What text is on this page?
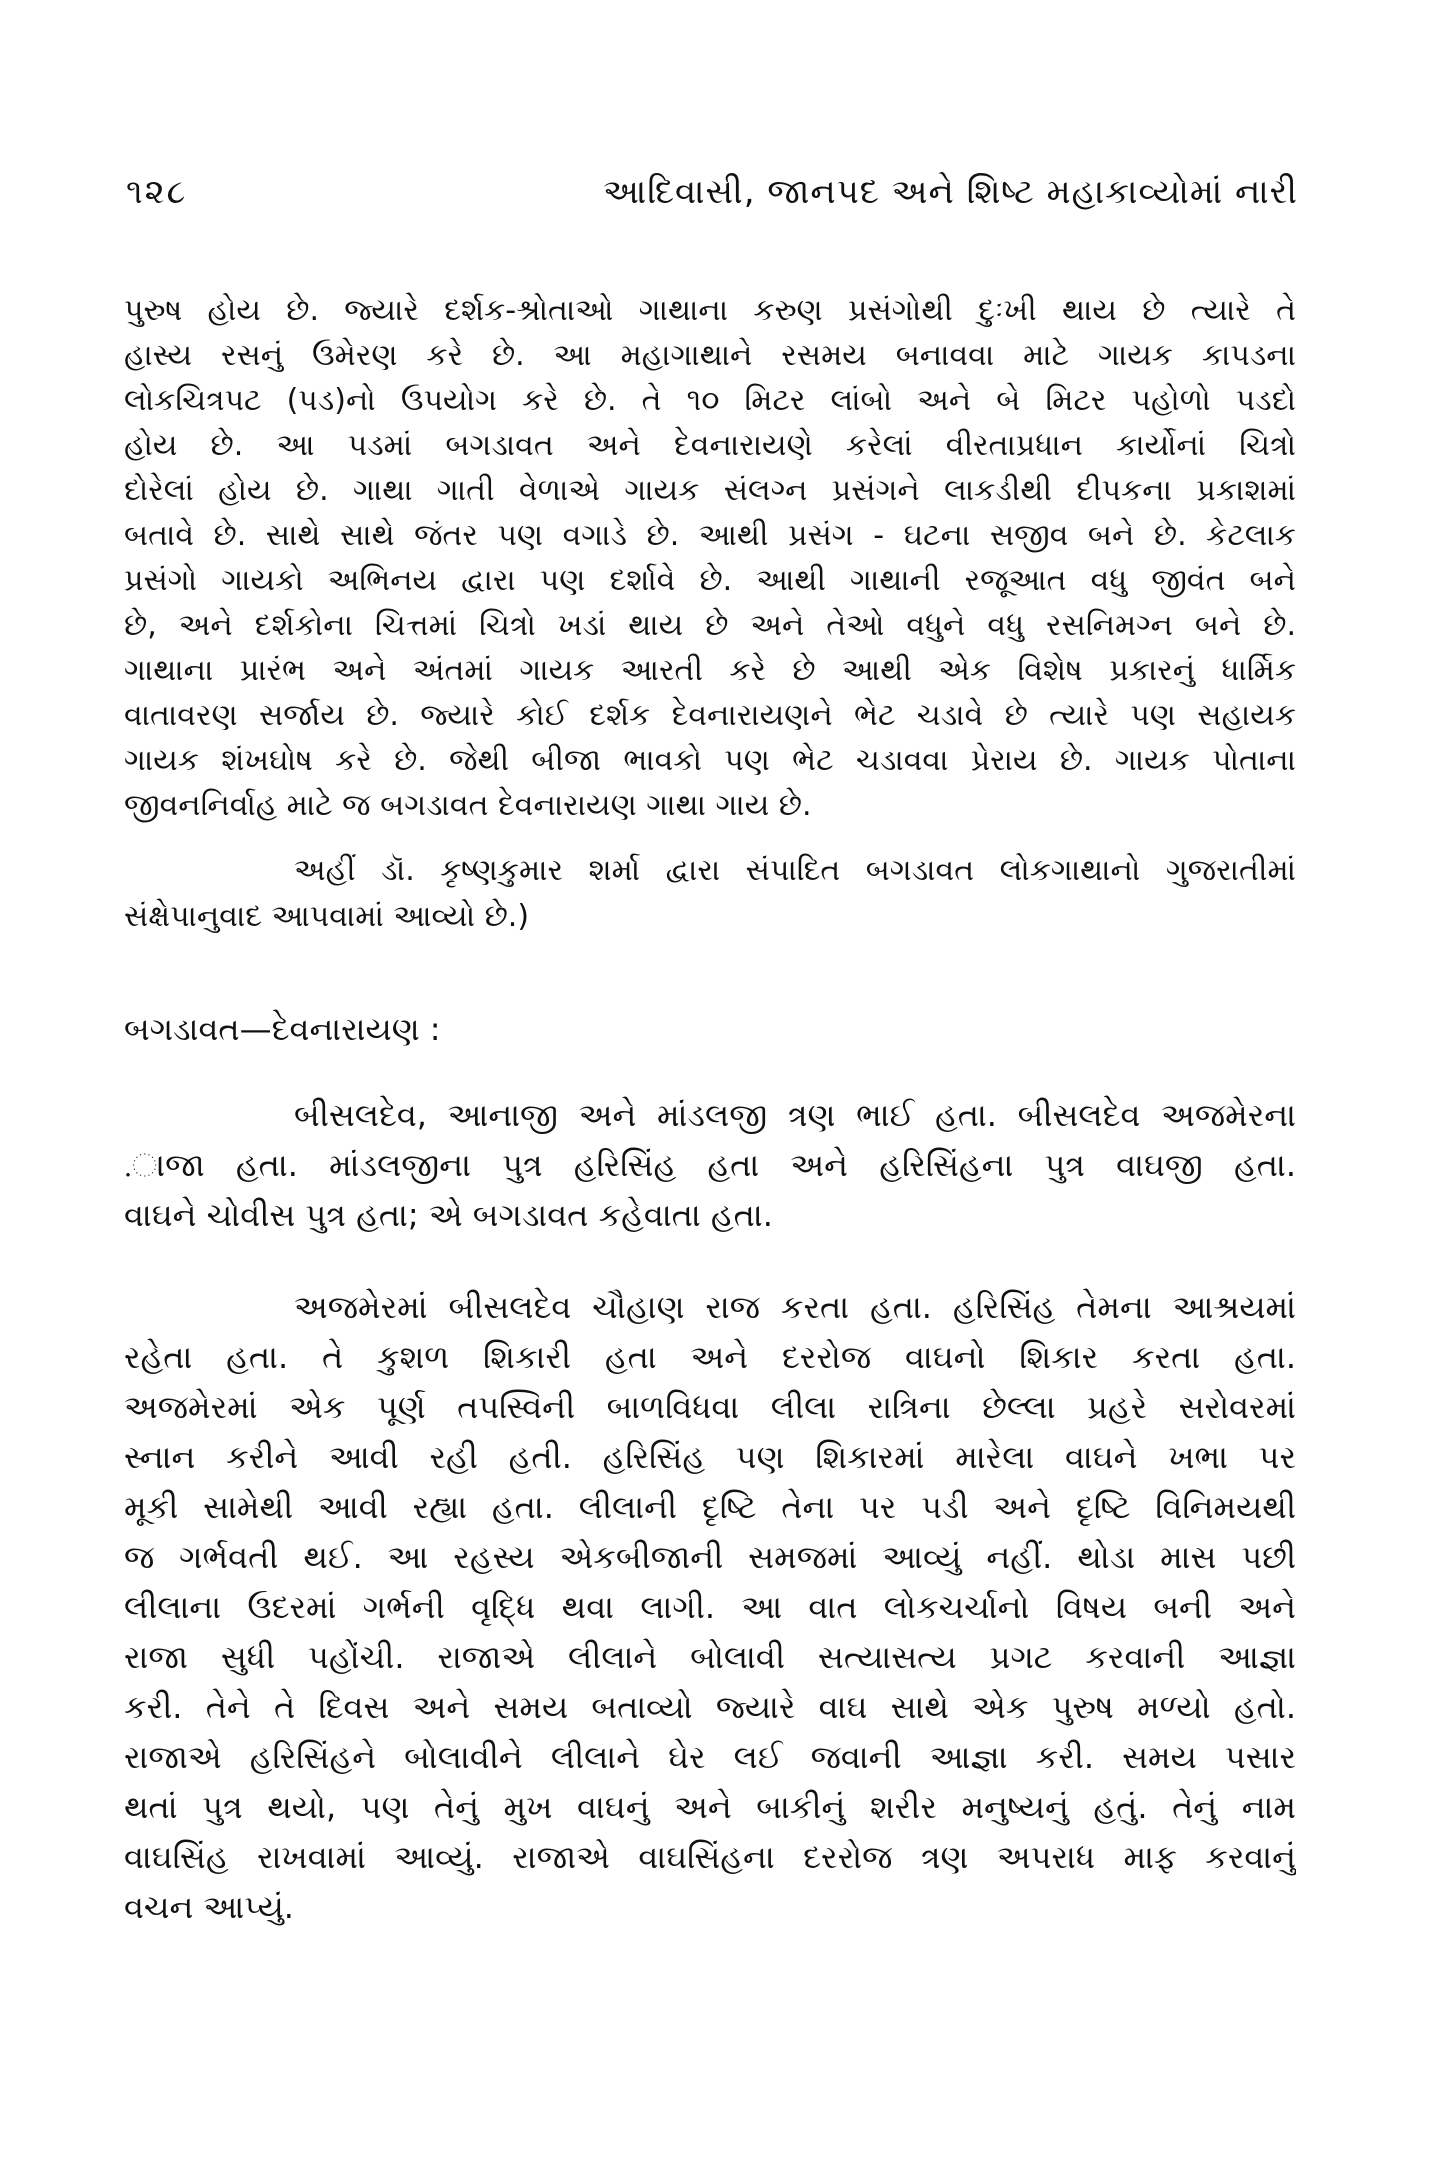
૧૨૮	આદિવાસી, જાનપદ અને શિષ્ટ મહાકાવ્યોમાં નારી
પુરુષ હોય છે. જ્યારે દર્શક-શ્રોતાઓ ગાથાના કરુણ પ્રસંગોથી દુઃખી થાય છે ત્યારે તે
હાસ્ય રસનું ઉમેરણ કરે છે. આ મહાગાથાને રસમય બનાવવા માટે ગાયક કાપડના
લોકચિત્રપટ (પડ)નો ઉપયોગ કરે છે. તે ૧૦ મિટર લાંબો અને બે મિટર પહોળો પડદો
હોય છે. આ પડમાં બગડાવત અને દેવનારાયણે કરેલાં વીરતાપ્રધાન કાર્યોનાં ચિત્રો
દોરેલાં હોય છે. ગાથા ગાતી વેળાએ ગાયક સંલગ્ન પ્રસંગને લાકડીથી દીપકના પ્રકાશમાં
બતાવે છે. સાથે સાથે જંતર પણ વગાડે છે. આથી પ્રસંગ - ઘટના સજીવ બને છે. કેટલાક
પ્રસંગો ગાયકો અભિનય દ્વારા પણ દર્શાવે છે. આથી ગાથાની રજૂઆત વધુ જીવંત બને
છે, અને દર્શકોના ચિત્તમાં ચિત્રો ખડાં થાય છે અને તેઓ વધુને વધુ રસનિમગ્ન બને છે.
ગાથાના પ્રારંભ અને અંતમાં ગાયક આરતી કરે છે આથી એક વિશેષ પ્રકારનું ધાર્મિક
વાતાવરણ સર્જાય છે. જ્યારે કોઈ દર્શક દેવનારાયણને ભેટ ચડાવે છે ત્યારે પણ સહાયક
ગાયક શંખઘોષ કરે છે. જેથી બીજા ભાવકો પણ ભેટ ચડાવવા પ્રેરાય છે. ગાયક પોતાના
જીવનનિર્વાહ માટે જ બગડાવત દેવનારાયણ ગાથા ગાય છે.
અહીં ડૉ. કૃષ્ણકુમાર શર્મા દ્વારા સંપાદિત બગડાવત લોકગાથાનો ગુજરાતીમાં
સંક્ષેપાનુવાદ આપવામાં આવ્યો છે.)
બગડાવત—દેવનારાયણ :
બીસલદેવ, આનાજી અને માંડલજી ત્રણ ભાઈ હતા. બીસલદેવ અજમેરના
.ાજા હતા. માંડલજીના પુત્ર હરિસિંહ હતા અને હરિસિંહના પુત્ર વાઘજી હતા.
વાઘને ચોવીસ પુત્ર હતા; એ બગડાવત કહેવાતા હતા.
અજમેરમાં બીસલદેવ ચૌહાણ રાજ કરતા હતા. હરિસિંહ તેમના આશ્રયમાં
રહેતા હતા. તે કુશળ શિકારી હતા અને દરરોજ વાઘનો શિકાર કરતા હતા.
અજમેરમાં એક પૂર્ણ તપસ્વિની બાળવિધવા લીલા રાત્રિના છેલ્લા પ્રહરે સરોવરમાં
સ્નાન કરીને આવી રહી હતી. હરિસિંહ પણ શિકારમાં મારેલા વાઘને ખભા પર
મૂકી સામેથી આવી રહ્યા હતા. લીલાની દૃષ્ટિ તેના પર પડી અને દૃષ્ટિ વિનિમયથી
જ ગર્ભવતી થઈ. આ રહસ્ય એકબીજાની સમજમાં આવ્યું નહીં. થોડા માસ પછી
લીલાના ઉદરમાં ગર્ભની વૃદ્ધિ થવા લાગી. આ વાત લોકચર્ચાનો વિષય બની અને
રાજા સુધી પહોંચી. રાજાએ લીલાને બોલાવી સત્યાસત્ય પ્રગટ કરવાની આજ્ઞા
કરી. તેને તે દિવસ અને સમય બતાવ્યો જ્યારે વાઘ સાથે એક પુરુષ મળ્યો હતો.
રાજાએ હરિસિંહને બોલાવીને લીલાને ઘેર લઈ જવાની આજ્ઞા કરી. સમય પસાર
થતાં પુત્ર થયો, પણ તેનું મુખ વાઘનું અને બાકીનું શરીર મનુષ્યનું હતું. તેનું નામ
વાઘસિંહ રાખવામાં આવ્યું. રાજાએ વાઘસિંહના દરરોજ ત્રણ અપરાધ માફ કરવાનું
વચન આપ્યું.
